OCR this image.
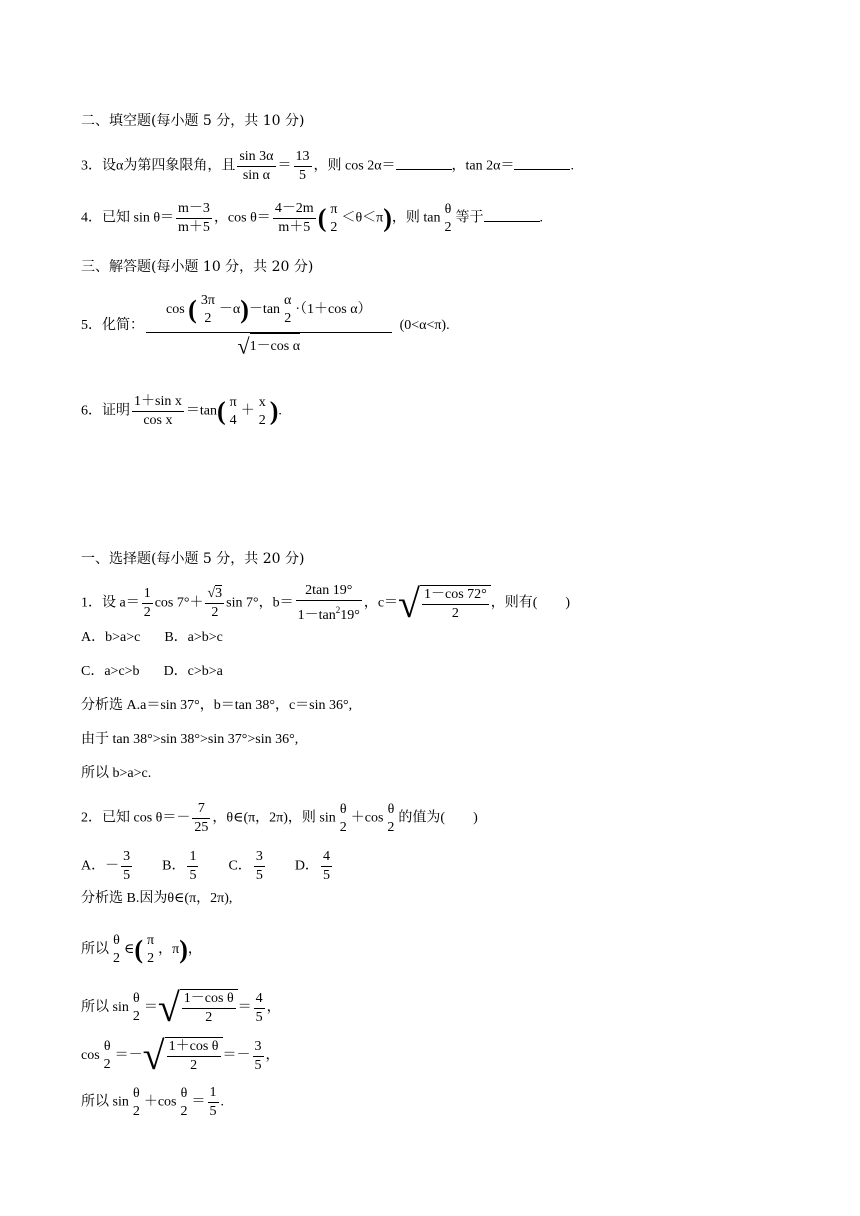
二、填空题(每小题 5 分，共 10 分)
3．设α为第四象限角，且 $\frac{\sin 3\alpha}{\text{sin α}} = \frac{13}{5}$ ，则 cos 2α＝	，tan 2α＝	.
4．已知 $\sin \theta= \frac{m-3}{m+5}$ ，$\cos \theta= \frac{4-2m}{m+5}$ ( π
2
＜θ＜π)，则 tan
θ
2
等于	.
三、解答题(每小题 10 分，共 20 分)
5．化简： cos ( 3π
2
－α)－tan
α
2
·（1＋cos α）
√1－cos α (0<α<π).
6．证明 $\frac{\text{1＋sin x}}{\text{cos x}} =\tan$( π
4
＋
x
2 ).
一、选择题(每小题 5 分，共 20 分)
1．设 $a= \frac{1}{2}$ $\cos 7^\circ+ \frac{√3}{2}$ sin 7°，$b= \frac{2\tan 19^\circ}{1-\tan^219^\circ}$ ，$c=√ \frac{1-\cos 72^\circ}{2}$ ，则有(　　)
A．b>a>c B．a>b>c
C．a>c>b D．c>b>a
分析选 A.a＝sin 37°，b＝tan 38°，c＝sin 36°,
由于 tan 38°>sin 38°>sin 37°>sin 36°,
所以 b>a>c.
2．已知 $\cos \theta=- \frac{7}{25}$ ，θ∈(π，2π)，则 sin
θ
2
＋cos
θ
2
的值为(　　)
A．－ $\frac{3}{5}$ B． $\frac{1}{5}$ C． $\frac{3}{5}$ D． $\frac{4}{5}$
分析选 B.因为θ∈(π，2π),
所以
θ
2
∈( π
2
，π)，
所以 sin
θ
2
＝√ $\frac{\text{1－cos θ}}{2} = \frac{4}{5}$ ，
cos
θ
2
＝－√ $\frac{\text{1＋cos θ}}{2} =- \frac{3}{5}$ ，
所以 sin
θ
2
＋cos
θ
2
＝ $\frac{1}{5}$ .
